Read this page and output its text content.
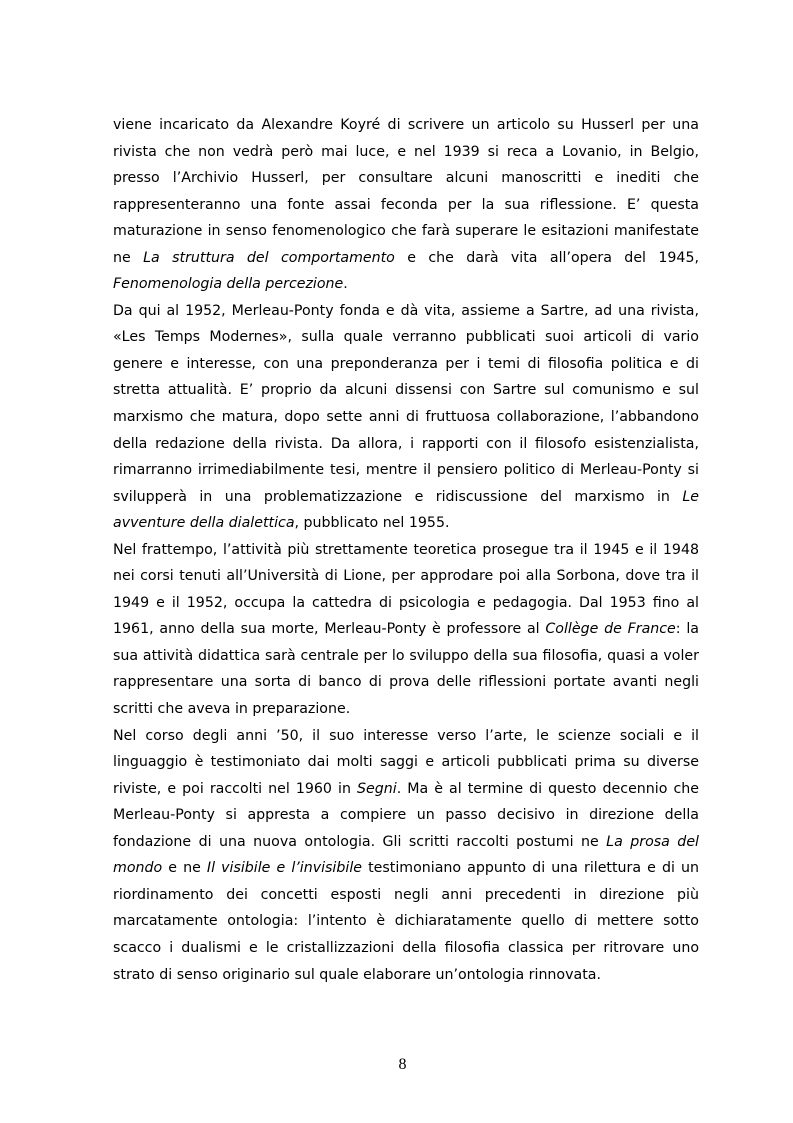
viene incaricato da Alexandre Koyré di scrivere un articolo su Husserl per una rivista che non vedrà però mai luce, e nel 1939 si reca a Lovanio, in Belgio, presso l’Archivio Husserl, per consultare alcuni manoscritti e inediti che rappresenteranno una fonte assai feconda per la sua riflessione. E’ questa maturazione in senso fenomenologico che farà superare le esitazioni manifestate ne La struttura del comportamento e che darà vita all’opera del 1945, Fenomenologia della percezione.

Da qui al 1952, Merleau-Ponty fonda e dà vita, assieme a Sartre, ad una rivista, «Les Temps Modernes», sulla quale verranno pubblicati suoi articoli di vario genere e interesse, con una preponderanza per i temi di filosofia politica e di stretta attualità. E’ proprio da alcuni dissensi con Sartre sul comunismo e sul marxismo che matura, dopo sette anni di fruttuosa collaborazione, l’abbandono della redazione della rivista. Da allora, i rapporti con il filosofo esistenzialista, rimarranno irrimediabilmente tesi, mentre il pensiero politico di Merleau-Ponty si svilupperà in una problematizzazione e ridiscussione del marxismo in Le avventure della dialettica, pubblicato nel 1955.

Nel frattempo, l’attività più strettamente teoretica prosegue tra il 1945 e il 1948 nei corsi tenuti all’Università di Lione, per approdare poi alla Sorbona, dove tra il 1949 e il 1952, occupa la cattedra di psicologia e pedagogia. Dal 1953 fino al 1961, anno della sua morte, Merleau-Ponty è professore al Collège de France: la sua attività didattica sarà centrale per lo sviluppo della sua filosofia, quasi a voler rappresentare una sorta di banco di prova delle riflessioni portate avanti negli scritti che aveva in preparazione.

Nel corso degli anni ’50, il suo interesse verso l’arte, le scienze sociali e il linguaggio è testimoniato dai molti saggi e articoli pubblicati prima su diverse riviste, e poi raccolti nel 1960 in Segni. Ma è al termine di questo decennio che Merleau-Ponty si appresta a compiere un passo decisivo in direzione della fondazione di una nuova ontologia. Gli scritti raccolti postumi ne La prosa del mondo e ne Il visibile e l’invisibile testimoniano appunto di una rilettura e di un riordinamento dei concetti esposti negli anni precedenti in direzione più marcatamente ontologia: l’intento è dichiaratamente quello di mettere sotto scacco i dualismi e le cristallizzazioni della filosofia classica per ritrovare uno strato di senso originario sul quale elaborare un’ontologia rinnovata.

8
